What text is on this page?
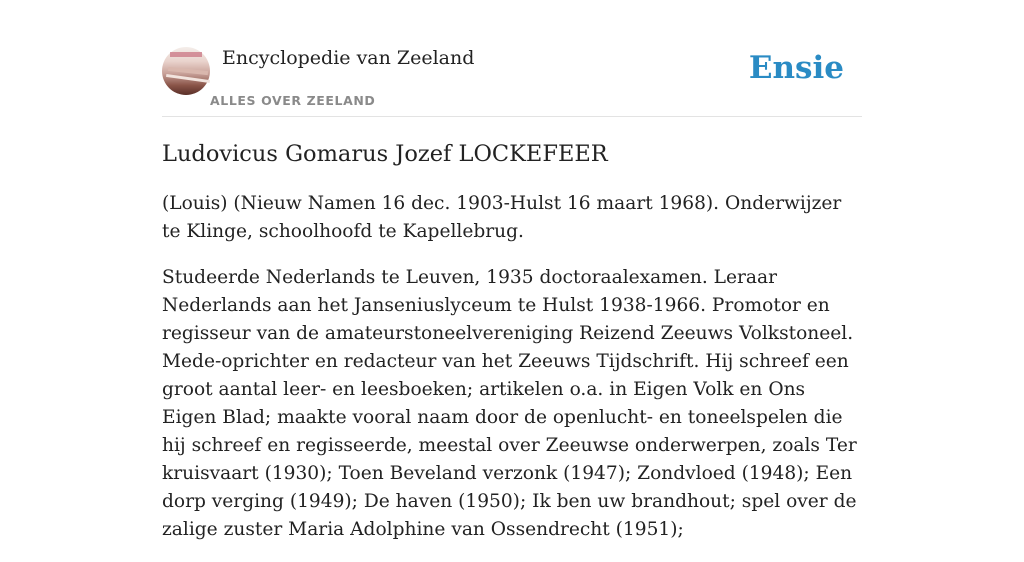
Encyclopedie van Zeeland
ALLES OVER ZEELAND
Ensie
Ludovicus Gomarus Jozef LOCKEFEER

(Louis) (Nieuw Namen 16 dec. 1903-Hulst 16 maart 1968). Onderwijzer te Klinge, schoolhoofd te Kapellebrug.

Studeerde Nederlands te Leuven, 1935 doctoraalexamen. Leraar Nederlands aan het Janseniuslyceum te Hulst 1938-1966. Promotor en regisseur van de amateurstoneelvereniging Reizend Zeeuws Volkstoneel. Mede-oprichter en redacteur van het Zeeuws Tijdschrift. Hij schreef een groot aantal leer- en leesboeken; artikelen o.a. in Eigen Volk en Ons Eigen Blad; maakte vooral naam door de openlucht- en toneelspelen die hij schreef en regisseerde, meestal over Zeeuwse onderwerpen, zoals Ter kruisvaart (1930); Toen Beveland verzonk (1947); Zondvloed (1948); Een dorp verging (1949); De haven (1950); Ik ben uw brandhout; spel over de zalige zuster Maria Adolphine van Ossendrecht (1951);
